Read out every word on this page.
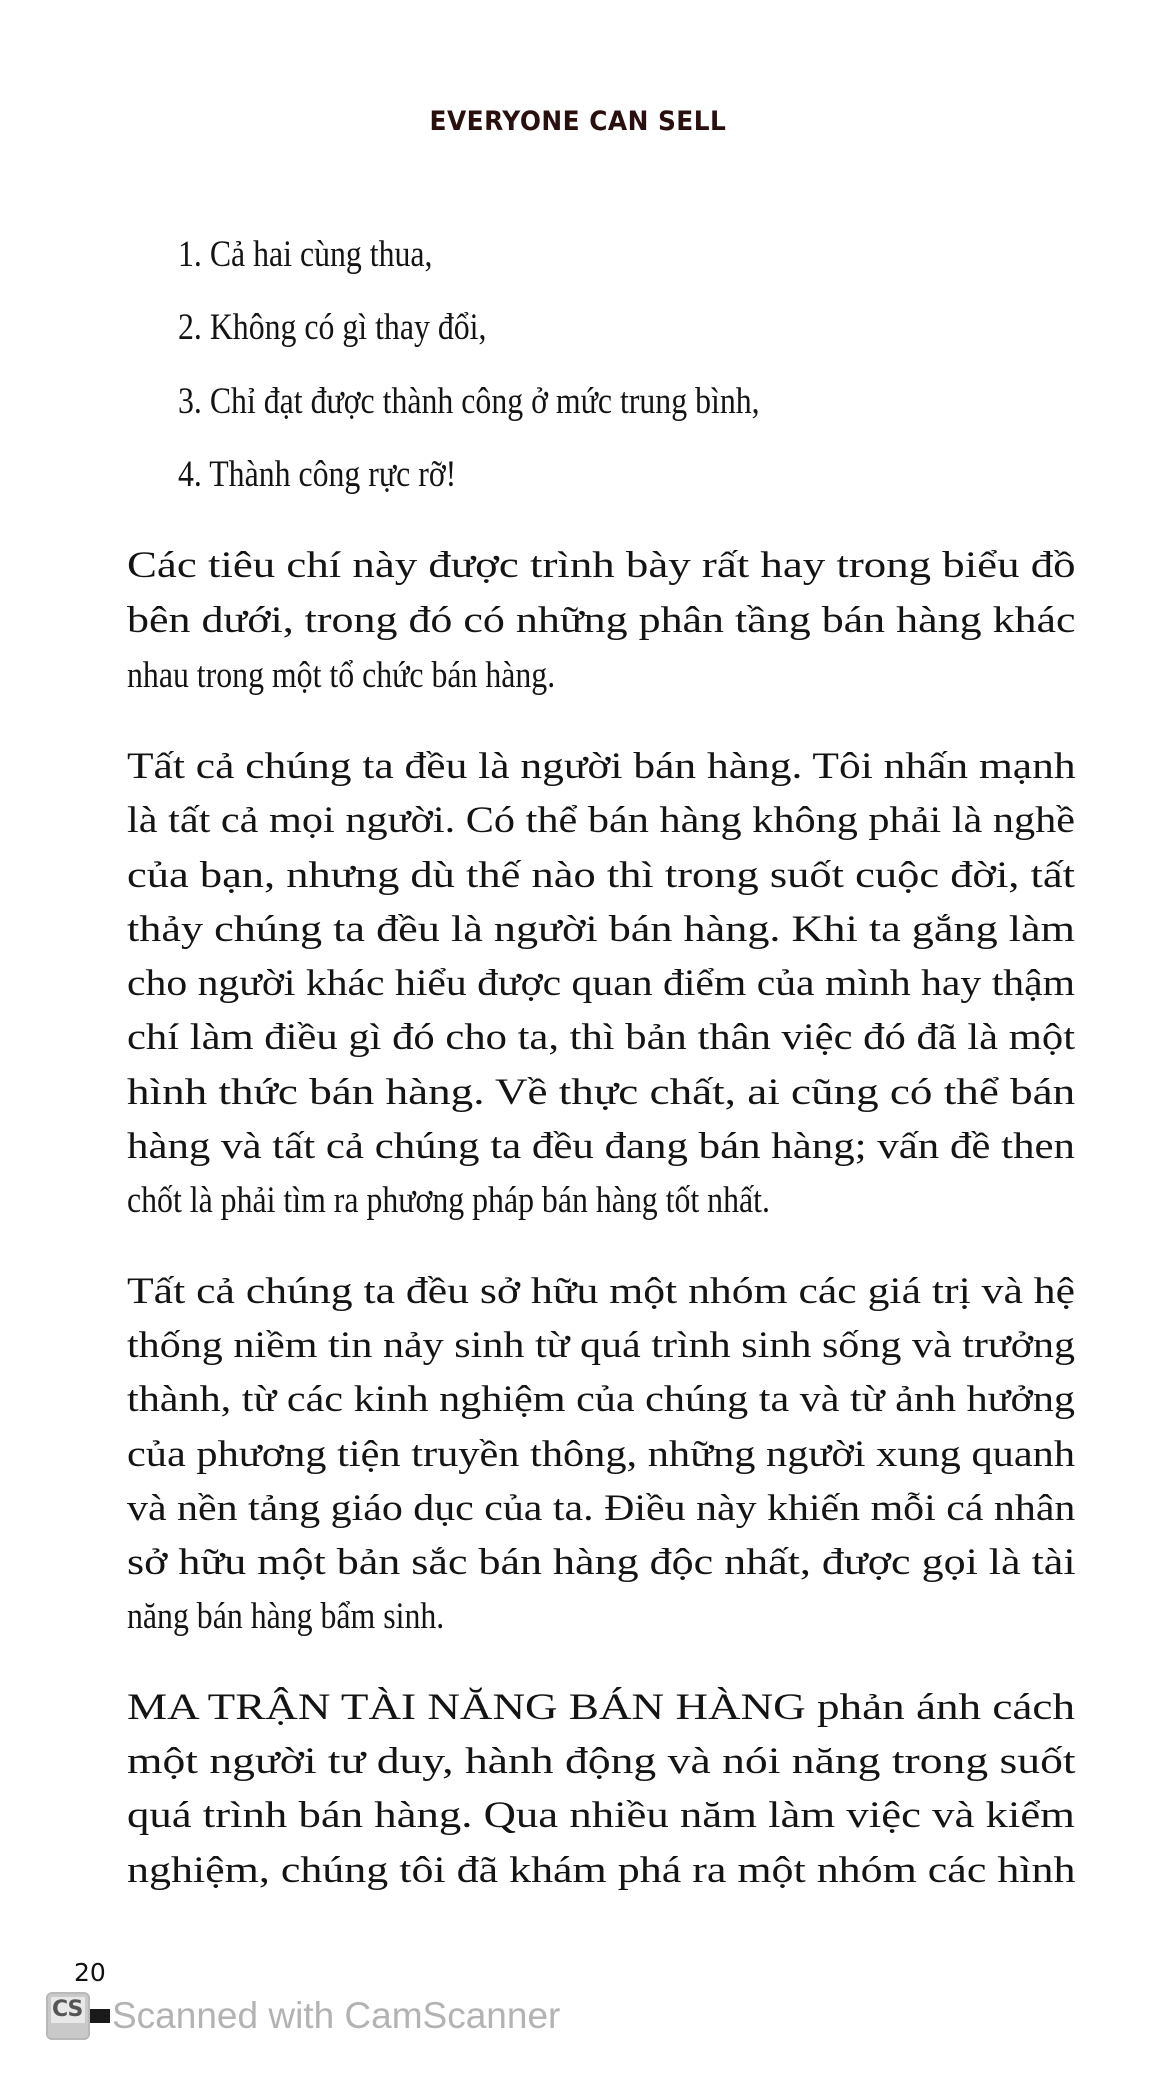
EVERYONE CAN SELL
1. Cả hai cùng thua,
2. Không có gì thay đổi,
3. Chỉ đạt được thành công ở mức trung bình,
4. Thành công rực rỡ!
Các tiêu chí này được trình bày rất hay trong biểu đồ
bên dưới, trong đó có những phân tầng bán hàng khác
nhau trong một tổ chức bán hàng.
Tất cả chúng ta đều là người bán hàng. Tôi nhấn mạnh
là tất cả mọi người. Có thể bán hàng không phải là nghề
của bạn, nhưng dù thế nào thì trong suốt cuộc đời, tất
thảy chúng ta đều là người bán hàng. Khi ta gắng làm
cho người khác hiểu được quan điểm của mình hay thậm
chí làm điều gì đó cho ta, thì bản thân việc đó đã là một
hình thức bán hàng. Về thực chất, ai cũng có thể bán
hàng và tất cả chúng ta đều đang bán hàng; vấn đề then
chốt là phải tìm ra phương pháp bán hàng tốt nhất.
Tất cả chúng ta đều sở hữu một nhóm các giá trị và hệ
thống niềm tin nảy sinh từ quá trình sinh sống và trưởng
thành, từ các kinh nghiệm của chúng ta và từ ảnh hưởng
của phương tiện truyền thông, những người xung quanh
và nền tảng giáo dục của ta. Điều này khiến mỗi cá nhân
sở hữu một bản sắc bán hàng độc nhất, được gọi là tài
năng bán hàng bẩm sinh.
MA TRẬN TÀI NĂNG BÁN HÀNG phản ánh cách
một người tư duy, hành động và nói năng trong suốt
quá trình bán hàng. Qua nhiều năm làm việc và kiểm
nghiệm, chúng tôi đã khám phá ra một nhóm các hình
20
CS Scanned with CamScanner
